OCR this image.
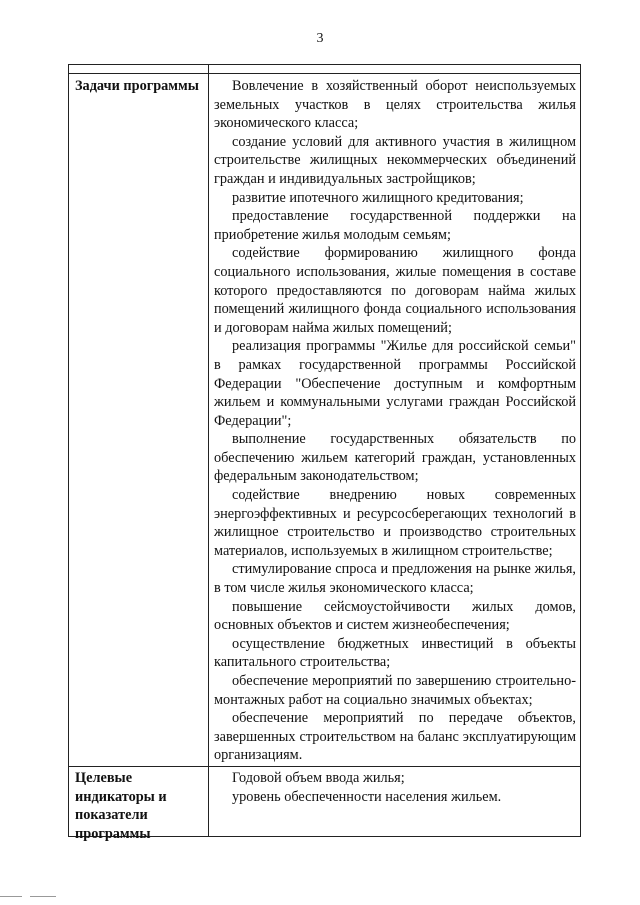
3
Задачи программы	Вовлечение в хозяйственный оборот неиспользуемых земельных участков в целях строительства жилья экономического класса;

создание условий для активного участия в жилищном строительстве жилищных некоммерческих объединений граждан и индивидуальных застройщиков;

развитие ипотечного жилищного кредитования;

предоставление государственной поддержки на приобретение жилья молодым семьям;

содействие формированию жилищного фонда социального использования, жилые помещения в составе которого предоставляются по договорам найма жилых помещений жилищного фонда социального использования и договорам найма жилых помещений;

реализация программы "Жилье для российской семьи" в рамках государственной программы Российской Федерации "Обеспечение доступным и комфортным жильем и коммунальными услугами граждан Российской Федерации";

выполнение государственных обязательств по обеспечению жильем категорий граждан, установленных федеральным законодательством;

содействие внедрению новых современных энергоэффективных и ресурсосберегающих технологий в жилищное строительство и производство строительных материалов, используемых в жилищном строительстве;

стимулирование спроса и предложения на рынке жилья, в том числе жилья экономического класса;

повышение сейсмоустойчивости жилых домов, основных объектов и систем жизнеобеспечения;

осуществление бюджетных инвестиций в объекты капитального строительства;

обеспечение мероприятий по завершению строительно-монтажных работ на социально значимых объектах;

обеспечение мероприятий по передаче объектов, завершенных строительством на баланс эксплуатирующим организациям.

Целевые индикаторы и показатели программы

Годовой объем ввода жилья;

уровень обеспеченности населения жильем.
